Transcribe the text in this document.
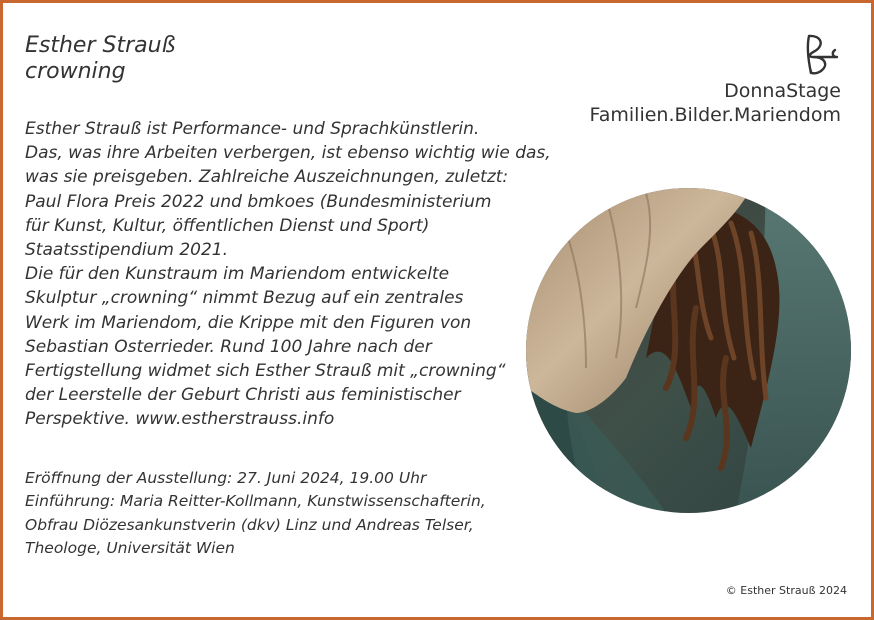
Esther Strauß
crowning
DonnaStage
Familien.Bilder.Mariendom
Esther Strauß ist Performance- und Sprachkünstlerin.
Das, was ihre Arbeiten verbergen, ist ebenso wichtig wie das,
was sie preisgeben. Zahlreiche Auszeichnungen, zuletzt:
Paul Flora Preis 2022 und bmkoes (Bundesministerium
für Kunst, Kultur, öffentlichen Dienst und Sport)
Staatsstipendium 2021.
Die für den Kunstraum im Mariendom entwickelte
Skulptur „crowning“ nimmt Bezug auf ein zentrales
Werk im Mariendom, die Krippe mit den Figuren von
Sebastian Osterrieder. Rund 100 Jahre nach der
Fertigstellung widmet sich Esther Strauß mit „crowning“
der Leerstelle der Geburt Christi aus feministischer
Perspektive. www.estherstrauss.info
Eröffnung der Ausstellung: 27. Juni 2024, 19.00 Uhr
Einführung: Maria Reitter-Kollmann, Kunstwissenschafterin,
Obfrau Diözesankunstverin (dkv) Linz und Andreas Telser,
Theologe, Universität Wien
© Esther Strauß 2024
